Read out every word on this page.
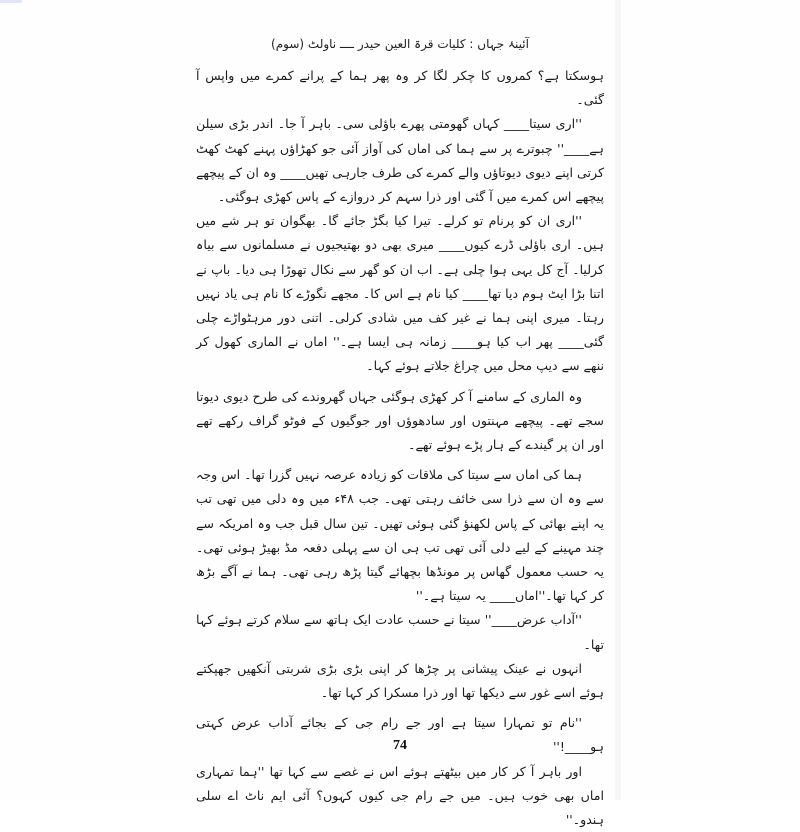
آئینۂ جہاں : کلیات قرۃ العین حیدر ــــ ناولٹ (سوم)

ہوسکتا ہے؟ کمروں کا چکر لگا کر وہ پھر ہما کے پرانے کمرے میں واپس آ گئی۔

''اری سیتا____ کہاں گھومتی پھرے باؤلی سی۔ باہر آ جا۔ اندر بڑی سیلن ہے____'' چبوترے پر سے ہما کی اماں کی آواز آئی جو کھڑاؤں پہنے کھٹ کھٹ کرتی اپنے دیوی دیوتاؤں والے کمرے کی طرف جارہی تھیں____ وہ ان کے پیچھے پیچھے اس کمرے میں آ گئی اور ذرا سہم کر دروازے کے پاس کھڑی ہوگئی۔

''اری ان کو پرنام تو کرلے۔ تیرا کیا بگڑ جائے گا۔ بھگوان تو ہر شے میں ہیں۔ اری باؤلی ڈرے کیوں____ میری بھی دو بھتیجیوں نے مسلمانوں سے بیاہ کرلیا۔ آج کل یہی ہوا چلی ہے۔ اب ان کو گھر سے نکال تھوڑا ہی دیا۔ باپ نے اتنا بڑا ایٹ ہوم دیا تھا____ کیا نام ہے اس کا۔ مجھے نگوڑے کا نام ہی یاد نہیں رہتا۔ میری اپنی ہما نے غیر کف میں شادی کرلی۔ اتنی دور مرہٹواڑے چلی گئی____ پھر اب کیا ہو____ زمانہ ہی ایسا ہے۔'' اماں نے الماری کھول کر ننھے سے دیپ محل میں چراغ جلاتے ہوئے کہا۔

وہ الماری کے سامنے آ کر کھڑی ہوگئی جہاں گھروندے کی طرح دیوی دیوتا سجے تھے۔ پیچھے مہنتوں اور سادھوؤں اور جوگیوں کے فوٹو گراف رکھے تھے اور ان پر گیندے کے ہار پڑے ہوئے تھے۔

ہما کی اماں سے سیتا کی ملاقات کو زیادہ عرصہ نہیں گزرا تھا۔ اس وجہ سے وہ ان سے ذرا سی خائف رہتی تھی۔ جب ۴۸ء میں وہ دلی میں تھی تب یہ اپنے بھائی کے پاس لکھنؤ گئی ہوئی تھیں۔ تین سال قبل جب وہ امریکہ سے چند مہینے کے لیے دلی آئی تھی تب ہی ان سے پہلی دفعہ مڈ بھیڑ ہوئی تھی۔ یہ حسب معمول گھاس پر مونڈھا بچھائے گیتا پڑھ رہی تھی۔ ہما نے آگے بڑھ کر کہا تھا۔''اماں____ یہ سیتا ہے۔''

''آداب عرض____'' سیتا نے حسب عادت ایک ہاتھ سے سلام کرتے ہوئے کہا تھا۔

انہوں نے عینک پیشانی پر چڑھا کر اپنی بڑی بڑی شربتی آنکھیں جھپکتے ہوئے اسے غور سے دیکھا تھا اور ذرا مسکرا کر کہا تھا۔

''نام تو تمہارا سیتا ہے اور جے رام جی کے بجائے آداب عرض کہتی ہو____!''

اور باہر آ کر کار میں بیٹھتے ہوئے اس نے غصے سے کہا تھا ''ہما تمہاری اماں بھی خوب ہیں۔ میں جے رام جی کیوں کہوں؟ آئی ایم ناٹ اے سلی ہندو۔''

74
